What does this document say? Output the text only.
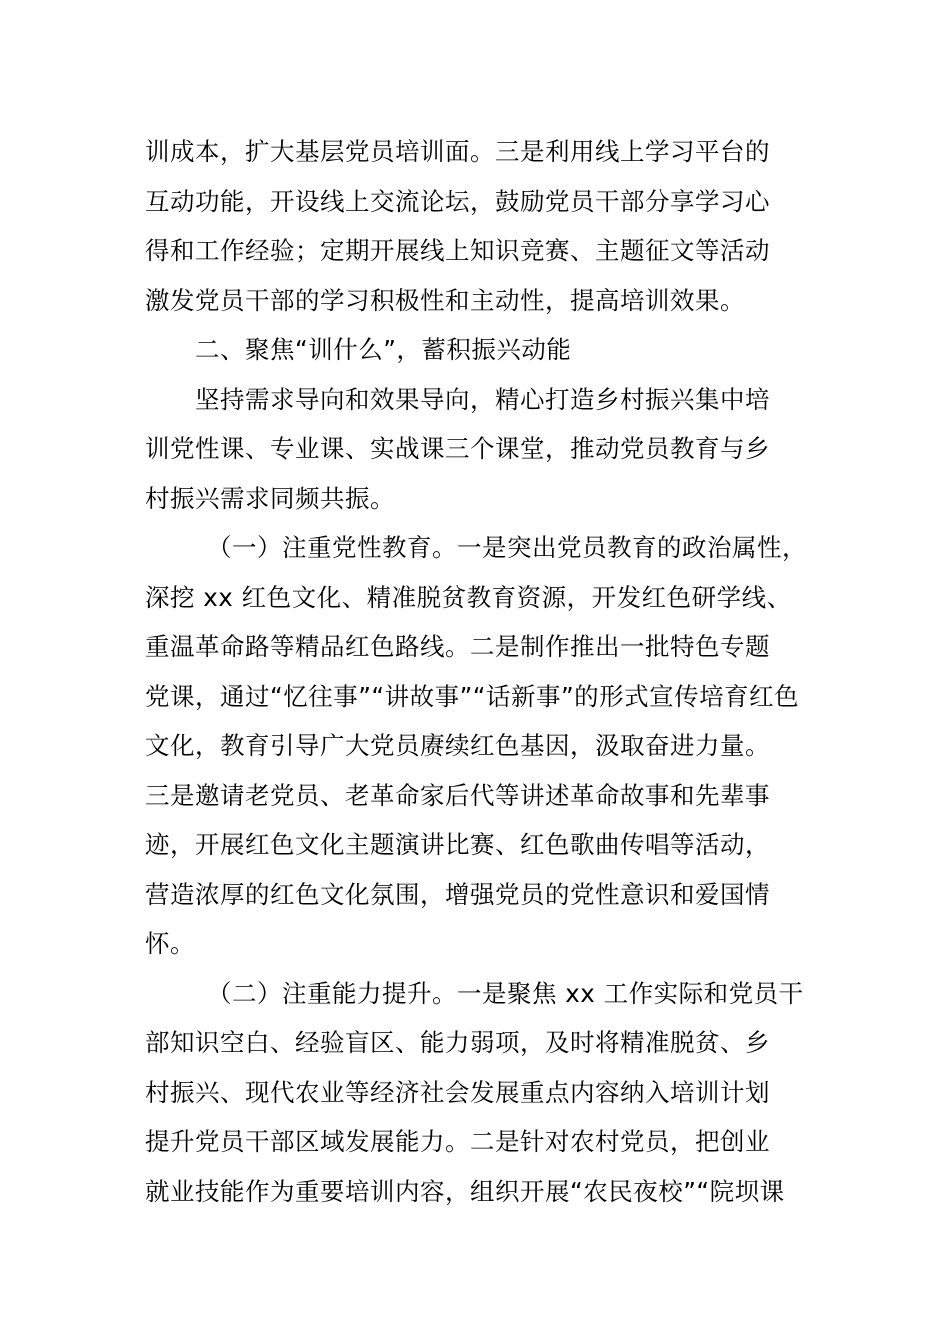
训成本，扩大基层党员培训面。三是利用线上学习平台的
互动功能，开设线上交流论坛，鼓励党员干部分享学习心
得和工作经验；定期开展线上知识竞赛、主题征文等活动
激发党员干部的学习积极性和主动性，提高培训效果。
二、聚焦“训什么”，蓄积振兴动能
坚持需求导向和效果导向，精心打造乡村振兴集中培
训党性课、专业课、实战课三个课堂，推动党员教育与乡
村振兴需求同频共振。
（一）注重党性教育。一是突出党员教育的政治属性，
深挖 xx 红色文化、精准脱贫教育资源，开发红色研学线、
重温革命路等精品红色路线。二是制作推出一批特色专题
党课，通过“忆往事”“讲故事”“话新事”的形式宣传培育红色
文化，教育引导广大党员赓续红色基因，汲取奋进力量。
三是邀请老党员、老革命家后代等讲述革命故事和先辈事
迹，开展红色文化主题演讲比赛、红色歌曲传唱等活动，
营造浓厚的红色文化氛围，增强党员的党性意识和爱国情
怀。
（二）注重能力提升。一是聚焦 xx 工作实际和党员干
部知识空白、经验盲区、能力弱项，及时将精准脱贫、乡
村振兴、现代农业等经济社会发展重点内容纳入培训计划
提升党员干部区域发展能力。二是针对农村党员，把创业
就业技能作为重要培训内容，组织开展“农民夜校”“院坝课
